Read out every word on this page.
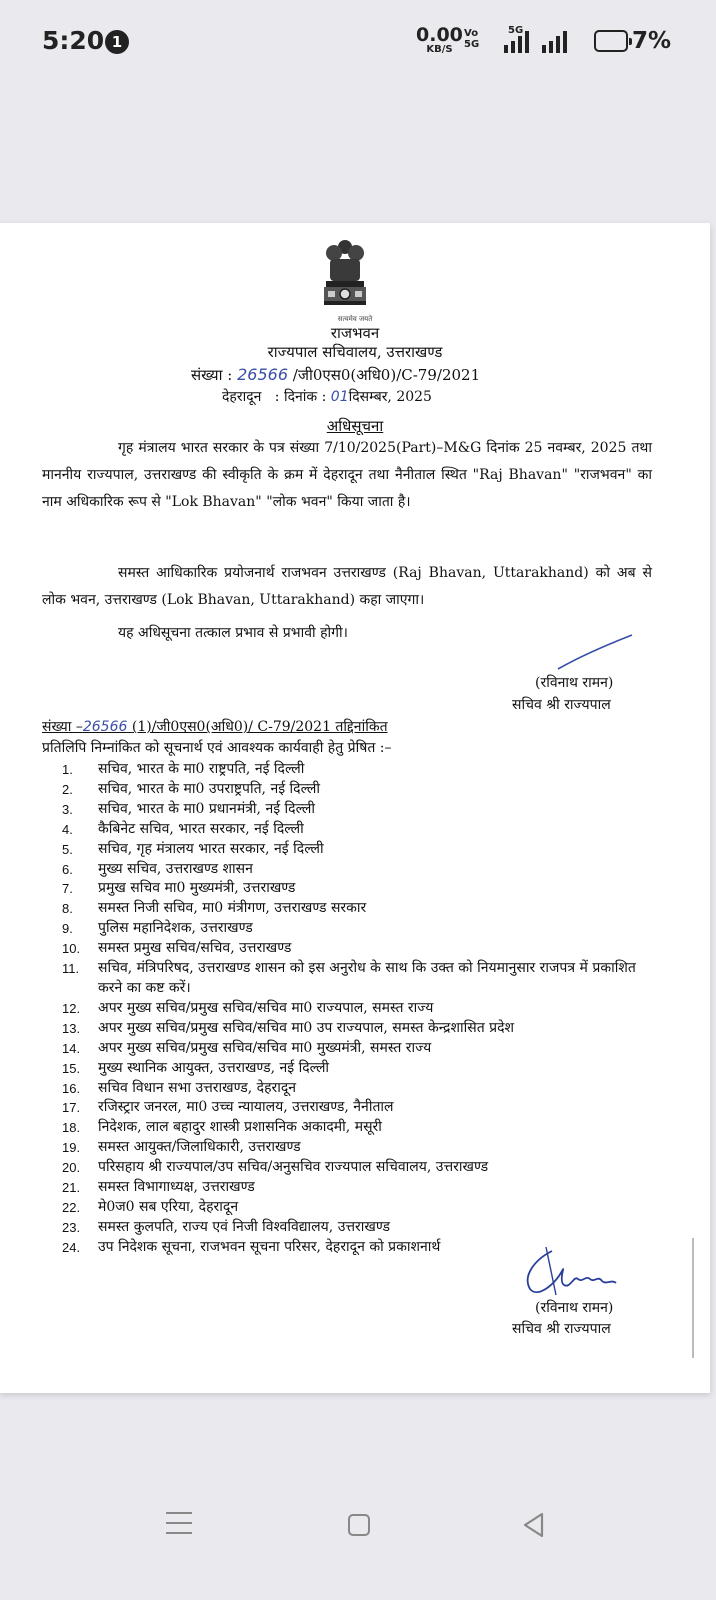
5:20 1	0.00
KB/S
Vo
5G
5G	7%
सत्यमेव जयते
राजभवन
राज्यपाल सचिवालय, उत्तराखण्ड
संख्या : 26566 /जी0एस0(अधि0)/C-79/2021
देहरादून : दिनांक : 01दिसम्बर, 2025
अधिसूचना

गृह मंत्रालय भारत सरकार के पत्र संख्या 7/10/2025(Part)–M&G दिनांक 25 नवम्बर, 2025 तथा माननीय राज्यपाल, उत्तराखण्ड की स्वीकृति के क्रम में देहरादून तथा नैनीताल स्थित "Raj Bhavan" "राजभवन" का नाम अधिकारिक रूप से "Lok Bhavan" "लोक भवन" किया जाता है।

समस्त आधिकारिक प्रयोजनार्थ राजभवन उत्तराखण्ड (Raj Bhavan, Uttarakhand) को अब से लोक भवन, उत्तराखण्ड (Lok Bhavan, Uttarakhand) कहा जाएगा।

यह अधिसूचना तत्काल प्रभाव से प्रभावी होगी।

(रविनाथ रामन)
सचिव श्री राज्यपाल
संख्या –26566 (1)/जी0एस0(अधि0)/ C-79/2021 तद्दिनांकित
प्रतिलिपि निम्नांकित को सूचनार्थ एवं आवश्यक कार्यवाही हेतु प्रेषित :–
1.	सचिव, भारत के मा0 राष्ट्रपति, नई दिल्ली
2.	सचिव, भारत के मा0 उपराष्ट्रपति, नई दिल्ली
3.	सचिव, भारत के मा0 प्रधानमंत्री, नई दिल्ली
4.	कैबिनेट सचिव, भारत सरकार, नई दिल्ली
5.	सचिव, गृह मंत्रालय भारत सरकार, नई दिल्ली
6.	मुख्य सचिव, उत्तराखण्ड शासन
7.	प्रमुख सचिव मा0 मुख्यमंत्री, उत्तराखण्ड
8.	समस्त निजी सचिव, मा0 मंत्रीगण, उत्तराखण्ड सरकार
9.	पुलिस महानिदेशक, उत्तराखण्ड
10.	समस्त प्रमुख सचिव/सचिव, उत्तराखण्ड
11.	सचिव, मंत्रिपरिषद, उत्तराखण्ड शासन को इस अनुरोध के साथ कि उक्त को नियमानुसार राजपत्र में प्रकाशित करने का कष्ट करें।
12.	अपर मुख्य सचिव/प्रमुख सचिव/सचिव मा0 राज्यपाल, समस्त राज्य
13.	अपर मुख्य सचिव/प्रमुख सचिव/सचिव मा0 उप राज्यपाल, समस्त केन्द्रशासित प्रदेश
14.	अपर मुख्य सचिव/प्रमुख सचिव/सचिव मा0 मुख्यमंत्री, समस्त राज्य
15.	मुख्य स्थानिक आयुक्त, उत्तराखण्ड, नई दिल्ली
16.	सचिव विधान सभा उत्तराखण्ड, देहरादून
17.	रजिस्ट्रार जनरल, मा0 उच्च न्यायालय, उत्तराखण्ड, नैनीताल
18.	निदेशक, लाल बहादुर शास्त्री प्रशासनिक अकादमी, मसूरी
19.	समस्त आयुक्त/जिलाधिकारी, उत्तराखण्ड
20.	परिसहाय श्री राज्यपाल/उप सचिव/अनुसचिव राज्यपाल सचिवालय, उत्तराखण्ड
21.	समस्त विभागाध्यक्ष, उत्तराखण्ड
22.	मे0ज0 सब एरिया, देहरादून
23.	समस्त कुलपति, राज्य एवं निजी विश्वविद्यालय, उत्तराखण्ड
24.	उप निदेशक सूचना, राजभवन सूचना परिसर, देहरादून को प्रकाशनार्थ
(रविनाथ रामन)
सचिव श्री राज्यपाल
